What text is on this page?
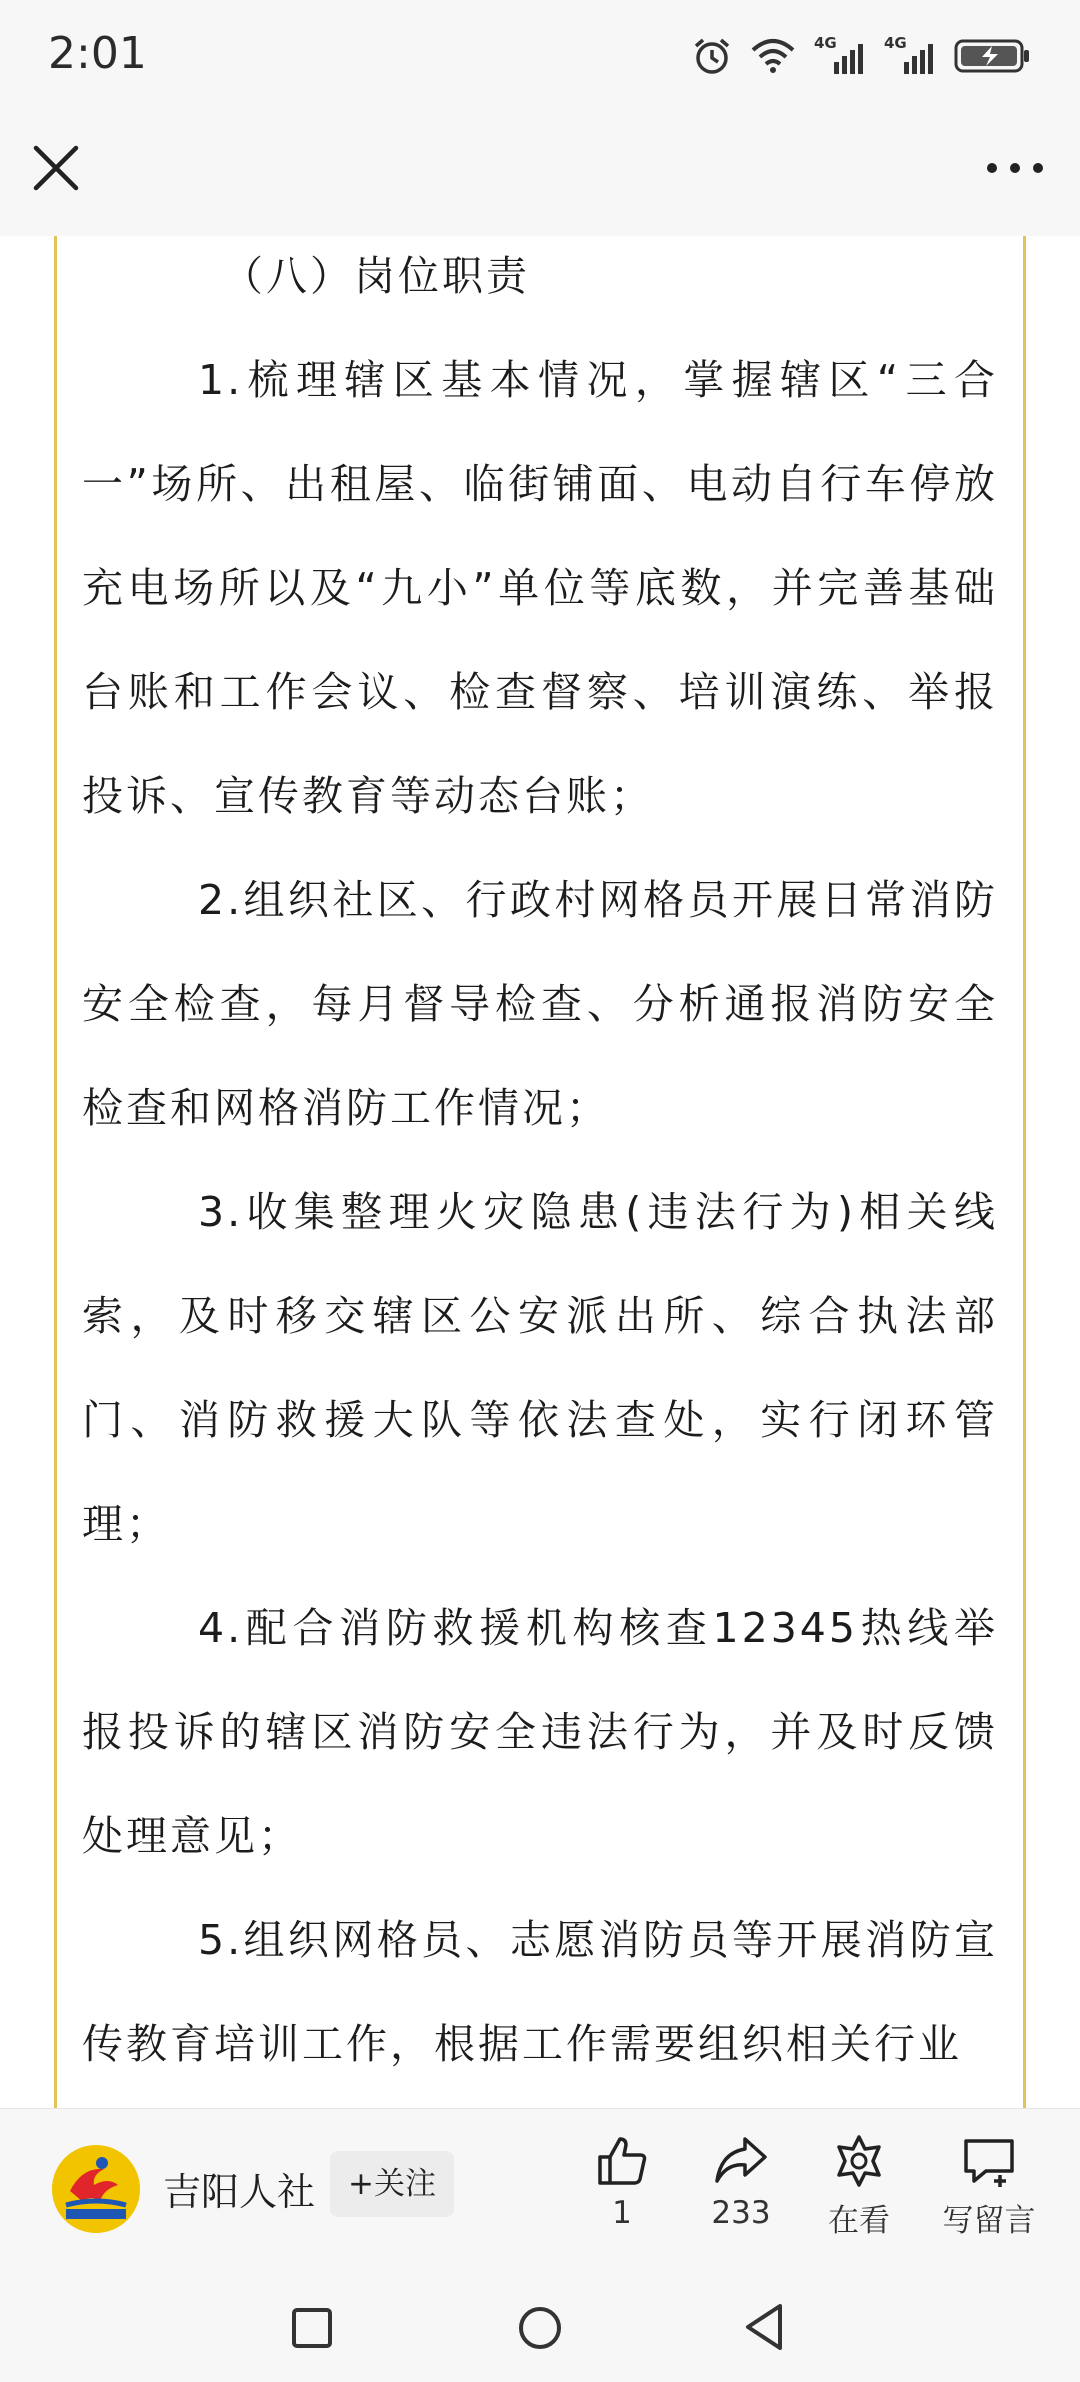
2:01	4G	4G

（八）岗位职责

1.梳理辖区基本情况，掌握辖区“三合一”场所、出租屋、临街铺面、电动自行车停放充电场所以及“九小”单位等底数，并完善基础台账和工作会议、检查督察、培训演练、举报投诉、宣传教育等动态台账；

2.组织社区、行政村网格员开展日常消防安全检查，每月督导检查、分析通报消防安全检查和网格消防工作情况；

3.收集整理火灾隐患(违法行为)相关线索，及时移交辖区公安派出所、综合执法部门、消防救援大队等依法查处，实行闭环管理；

4.配合消防救援机构核查12345热线举报投诉的辖区消防安全违法行为，并及时反馈处理意见；

5.组织网格员、志愿消防员等开展消防宣传教育培训工作，根据工作需要组织相关行业

吉阳人社	+关注
1	233	在看	写留言
